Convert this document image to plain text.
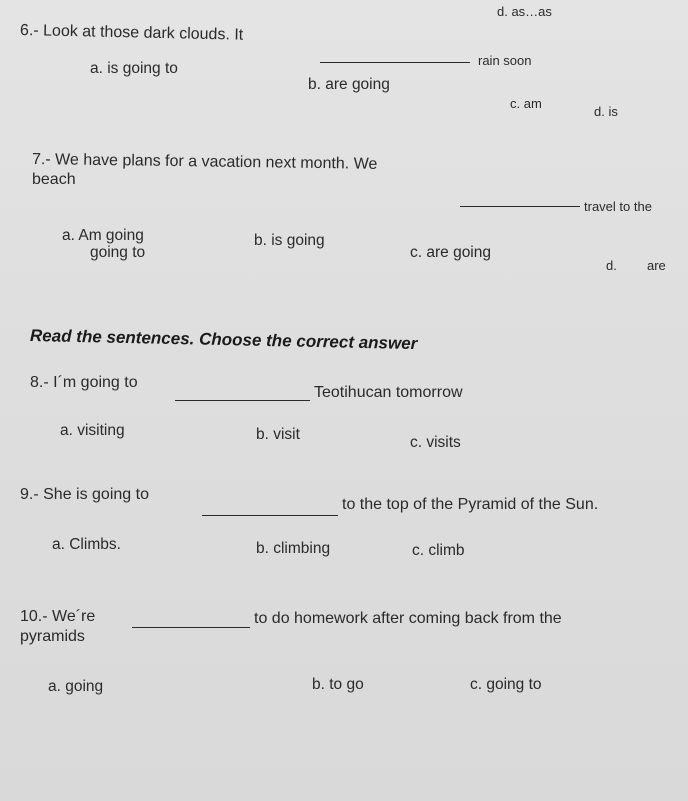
d. as…as
6.- Look at those dark clouds. It
rain soon
a. is going to
b. are going
c. am
d. is
7.- We have plans for a vacation next month. We
beach
travel to the
a. Am going
going to
b. is going
c. are going
d. are
Read the sentences. Choose the correct answer
8.- I´m going to
Teotihucan tomorrow
a. visiting	b. visit	c. visits
9.- She is going to
to the top of the Pyramid of the Sun.
a. Climbs.	b. climbing	c. climb
10.- We´re	to do homework after coming back from the
pyramids
a. going	b. to go	c. going to
